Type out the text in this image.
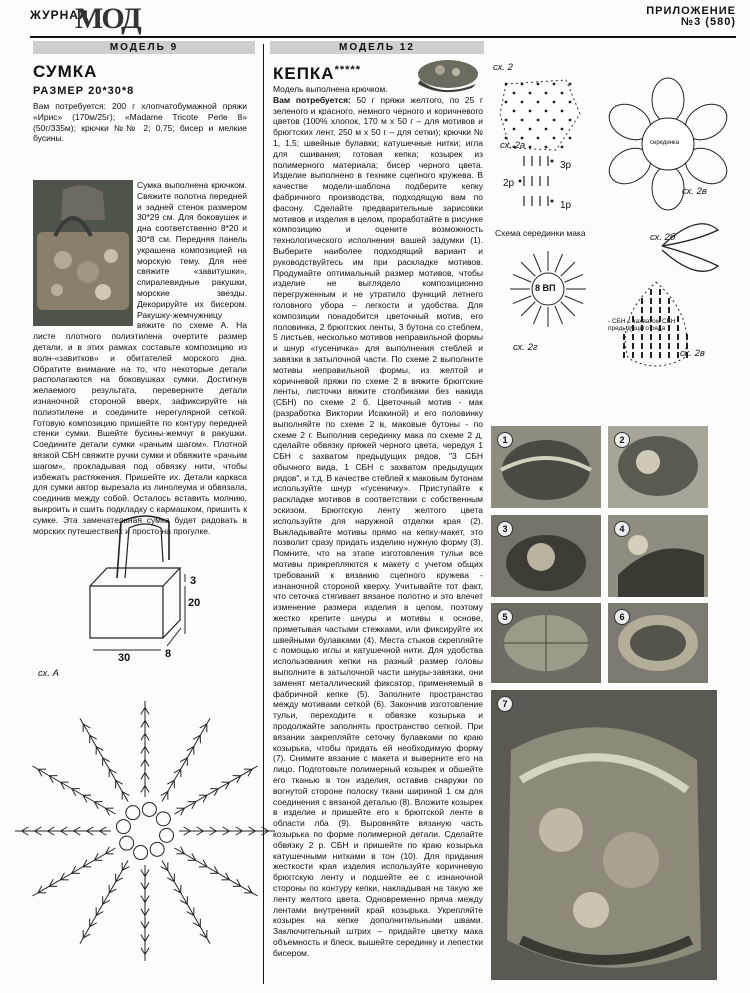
ЖУРНАЛ
МОД	ПРИЛОЖЕНИЕ
№3 (580)
МОДЕЛЬ 9
СУМКА
РАЗМЕР 20*30*8

Вам потребуется: 200 г хлопчатобумажной пряжи «Ирис» (170м/25г); «Madame Tricote Perle 8» (50г/335м); крючки №№ 2; 0,75; бисер и мелкие бусины.

Сумка выполнена крючком. Свяжите полотна передней и задней стенок размером 30*29 см. Для боковушек и дна соответственно 8*20 и 30*8 см. Передняя панель украшена композицией на морскую тему. Для нее свяжите «завитушки», спиралевидные ракушки, морские звезды. Декорируйте их бисером. Ракушку-жемчужницу вяжите по схеме А. На листе плотного полиэтилена очертите размер детали, и в этих рамках составьте композицию из волн-«завитков» и обитателей морского дна. Обратите внимание на то, что некоторые детали располагаются на боковушках сумки. Достигнув желаемого результата, переверните детали изнаночной стороной вверх, зафиксируйте на полиэтилене и соедините нерегулярной сеткой. Готовую композицию пришейте по контуру передней стенки сумки. Вшейте бусины-жемчуг в ракушки. Соедините детали сумки «рачьим шагом». Плотной вязкой СБН свяжите ручки сумки и обвяжите «рачьим шагом», прокладывая под обвязку нити, чтобы избежать растяжения. Пришейте их. Детали каркаса для сумки автор вырезала из линолеума и обвязала, соединив между собой. Осталось вставить молнию, выкроить и сшить подкладку с кармашком, пришить к сумке. Эта замечательная сумка будет радовать в морских путешествиях и просто на прогулке.

3
20
30	8
сх. А
МОДЕЛЬ 12
КЕПКА*****

Модель выполнена крючком.

Вам потребуется: 50 г пряжи желтого, по 25 г зеленого и красного, немного черного и коричневого цветов (100% хлопок, 170 м х 50 г – для мотивов и брюгтских лент, 250 м х 50 г – для сетки); крючки № 1, 1,5; швейные булавки; катушечные нитки; игла для сшивания; готовая кепка; козырек из полимерного материала; бисер черного цвета. Изделие выполнено в технике сцепного кружева. В качестве модели-шаблона подберите кепку фабричного производства, подходящую вам по фасону. Сделайте предварительные зарисовки мотивов и изделия в целом, проработайте в рисунке композицию и оцените возможность технологического исполнения вашей задумки (1). Выберите наиболее подходящий вариант и руководствуйтесь им при раскладке мотивов. Продумайте оптимальный размер мотивов, чтобы изделие не выглядело композиционно перегруженным и не утратило функций летнего головного убора – легкости и удобства. Для композиции понадобится цветочный мотив, его половинка, 2 брюггских ленты, 3 бутона со стеблем, 5 листьев, несколько мотивов неправильной формы и шнур «гусеничка» для выполнения стеблей и завязки в затылочной части. По схеме 2 выполните мотивы неправильной формы, из желтой и коричневой пряжи по схеме 2 в вяжите брюггские ленты, листочки вяжите столбиками без накида (СБН) по схеме 2 б. Цветочный мотив - мак (разработка Виктории Исакиной) и его половинку выполняйте по схеме 2 в, маковые бутоны - по схеме 2 г. Выполнив серединку мака по схеме 2 д, сделайте обвязку пряжей черного цвета, чередуя 1 СБН с захватом предыдущих рядов, "3 СБН обычного вида, 1 СБН с захватом предыдущих рядов", и т.д. В качестве стеблей к маковым бутонам используйте шнур «гусеничку». Приступайте к раскладке мотивов в соответствии с собственным эскизом. Брюггскую ленту желтого цвета используйте для наружной отделки края (2). Выкладывайте мотивы прямо на кепку-макет, это позволит сразу придать изделию нужную форму (3). Помните, что на этапе изготовления тульи все мотивы прикрепляются к макету с учетом общих требований к вязанию сцепного кружева - изнаночной стороной кверху. Учитывайте тот факт, что сеточка стягивает вязаное полотно и это влечет изменение размера изделия в целом, поэтому жестко крепите шнуры и мотивы к основе, приметывая частыми стежками, или фиксируйте их швейными булавками (4). Места стыков скрепляйте с помощью иглы и катушечной нити. Для удобства использования кепки на разный размер головы выполните в затылочной части шнуры-завязки, они заменят металлический фиксатор, применяемый в фабричной кепке (5). Заполните пространство между мотивами сеткой (6). Закончив изготовление тульи, переходите к обвязке козырька и продолжайте заполнять пространство сеткой. При вязании закрепляйте сеточку булавками по краю козырька, чтобы придать ей необходимую форму (7). Снимите вязание с макета и выверните его на лицо. Подготовьте полимерный козырек и обшейте его тканью в тон изделия, оставив снаружи по вогнутой стороне полоску ткани шириной 1 см для соединения с вязаной деталью (8). Вложите козырек в изделие и пришейте его к брюггской ленте в области лба (9). Выровняйте вязаную часть козырька по форме полимерной детали. Сделайте обвязку 2 р. СБН и пришейте по краю козырька катушечными нитками в тон (10). Для придания жесткости края изделия используйте коричневую брюггскую ленту и подшейте ее с изнаночной стороны по контуру кепки, накладывая на такую же ленту желтого цвета. Одновременно пряча между лентами внутренний край козырька. Укрепляйте козырек на кепке дополнительными швами. Заключительный штрих – придайте цветку мака объемность и блеск, вышейте серединку и лепестки бисером.

сх. 2
серединка
сх. 2в
сх. 2а
3р
2р
1р
Схема серединки мака	сх. 2б
8 ВП
сх. 2г
- СБН с захватом СБН предыдущего ряда
сх. 2в
1	2
3	4
5	6
7
